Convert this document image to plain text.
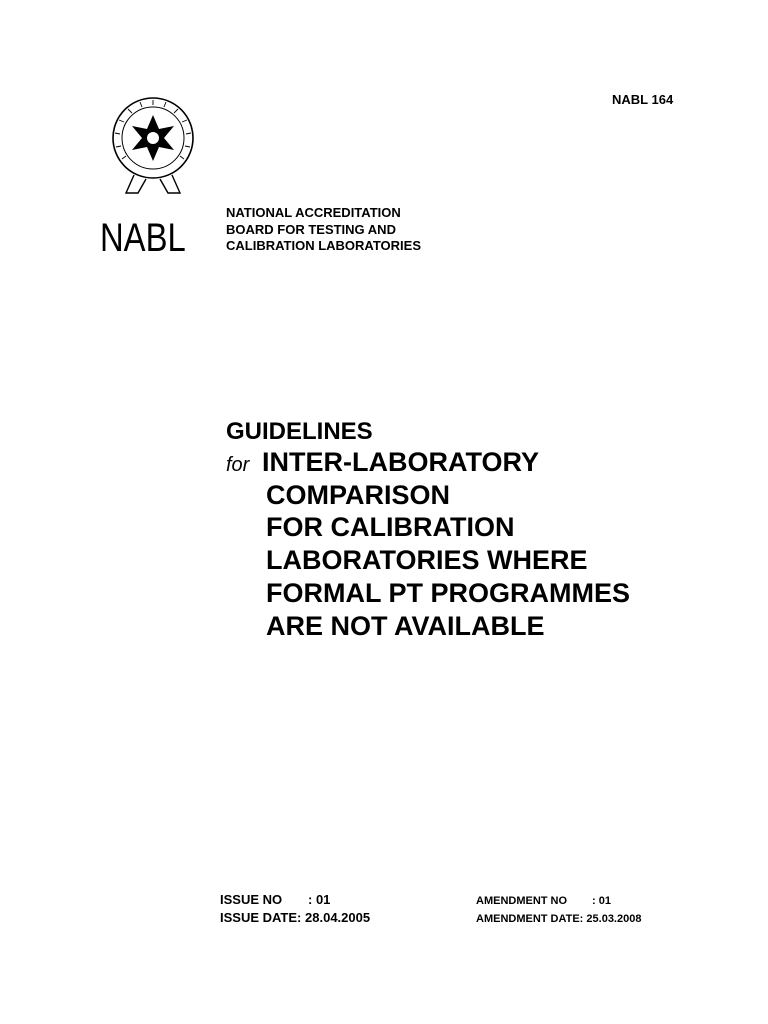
NABL 164
NABL
NATIONAL ACCREDITATION
BOARD FOR TESTING AND
CALIBRATION LABORATORIES
GUIDELINES
for INTER-LABORATORY
COMPARISON
FOR CALIBRATION
LABORATORIES WHERE
FORMAL PT PROGRAMMES
ARE NOT AVAILABLE
ISSUE NO	: 01
ISSUE DATE:
28.04.2005
AMENDMENT NO	: 01
AMENDMENT DATE:
25.03.2008
